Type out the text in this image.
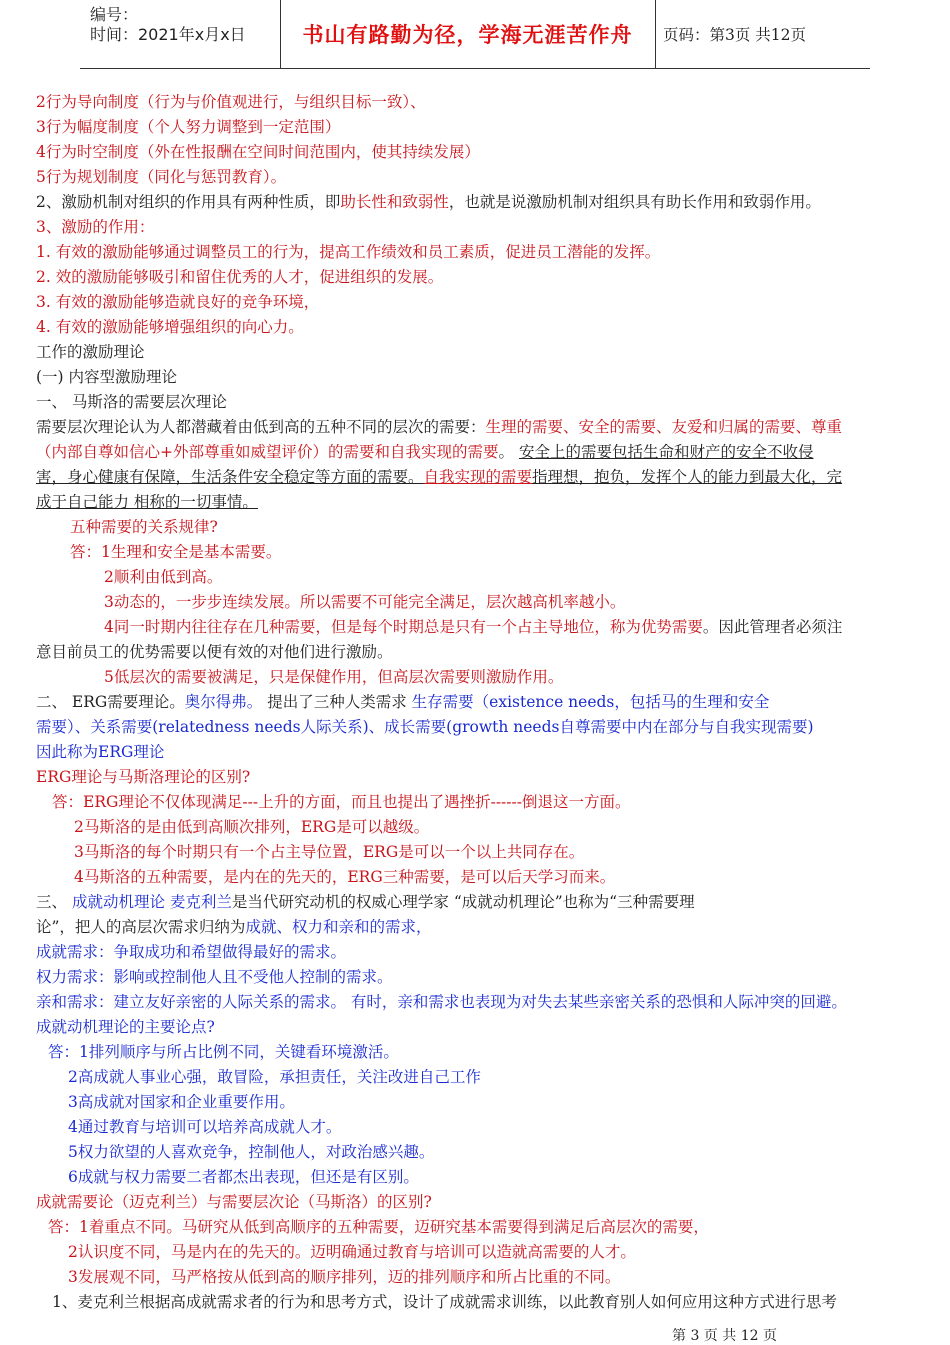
编号：
时间：2021年x月x日	书山有路勤为径，学海无涯苦作舟 页码：第3页 共12页
2行为导向制度（行为与价值观进行，与组织目标一致）、
3行为幅度制度（个人努力调整到一定范围）
4行为时空制度（外在性报酬在空间时间范围内，使其持续发展）
5行为规划制度（同化与惩罚教育）。
2、激励机制对组织的作用具有两种性质，即助长性和致弱性，也就是说激励机制对组织具有助长作用和致弱作用。
3、激励的作用：
1. 有效的激励能够通过调整员工的行为，提高工作绩效和员工素质，促进员工潜能的发挥。
2. 效的激励能够吸引和留住优秀的人才，促进组织的发展。
3. 有效的激励能够造就良好的竞争环境，
4. 有效的激励能够增强组织的向心力。
工作的激励理论
(一) 内容型激励理论
一、 马斯洛的需要层次理论
需要层次理论认为人都潜藏着由低到高的五种不同的层次的需要：生理的需要、安全的需要、友爱和归属的需要、尊重
（内部自尊如信心+外部尊重如威望评价）的需要和自我实现的需要。 安全上的需要包括生命和财产的安全不收侵
害，身心健康有保障，生活条件安全稳定等方面的需要。自我实现的需要指理想，抱负，发挥个人的能力到最大化，完
成于自己能力 相称的一切事情。
五种需要的关系规律?
答：1生理和安全是基本需要。
2顺利由低到高。
3动态的，一步步连续发展。所以需要不可能完全满足，层次越高机率越小。
4同一时期内往往存在几种需要，但是每个时期总是只有一个占主导地位，称为优势需要。因此管理者必须注
意目前员工的优势需要以便有效的对他们进行激励。
5低层次的需要被满足，只是保健作用，但高层次需要则激励作用。
二、 ERG需要理论。奥尔得弗。 提出了三种人类需求 生存需要（existence needs，包括马的生理和安全
需要）、关系需要(relatedness needs人际关系)、成长需要(growth needs自尊需要中内在部分与自我实现需要)
因此称为ERG理论
ERG理论与马斯洛理论的区别?
答：ERG理论不仅体现满足---上升的方面，而且也提出了遇挫折------倒退这一方面。
2马斯洛的是由低到高顺次排列，ERG是可以越级。
3马斯洛的每个时期只有一个占主导位置，ERG是可以一个以上共同存在。
4马斯洛的五种需要，是内在的先天的，ERG三种需要，是可以后天学习而来。
三、 成就动机理论 麦克利兰是当代研究动机的权威心理学家 “成就动机理论”也称为“三种需要理
论”，把人的高层次需求归纳为成就、权力和亲和的需求，
成就需求：争取成功和希望做得最好的需求。
权力需求：影响或控制他人且不受他人控制的需求。
亲和需求：建立友好亲密的人际关系的需求。 有时，亲和需求也表现为对失去某些亲密关系的恐惧和人际冲突的回避。
成就动机理论的主要论点?
答：1排列顺序与所占比例不同，关键看环境激活。
2高成就人事业心强，敢冒险，承担责任，关注改进自己工作
3高成就对国家和企业重要作用。
4通过教育与培训可以培养高成就人才。
5权力欲望的人喜欢竞争，控制他人，对政治感兴趣。
6成就与权力需要二者都杰出表现，但还是有区别。
成就需要论（迈克利兰）与需要层次论（马斯洛）的区别?
答：1着重点不同。马研究从低到高顺序的五种需要，迈研究基本需要得到满足后高层次的需要，
2认识度不同，马是内在的先天的。迈明确通过教育与培训可以造就高需要的人才。
3发展观不同，马严格按从低到高的顺序排列，迈的排列顺序和所占比重的不同。
1、麦克利兰根据高成就需求者的行为和思考方式，设计了成就需求训练，以此教育别人如何应用这种方式进行思考
第 3 页 共 12 页
